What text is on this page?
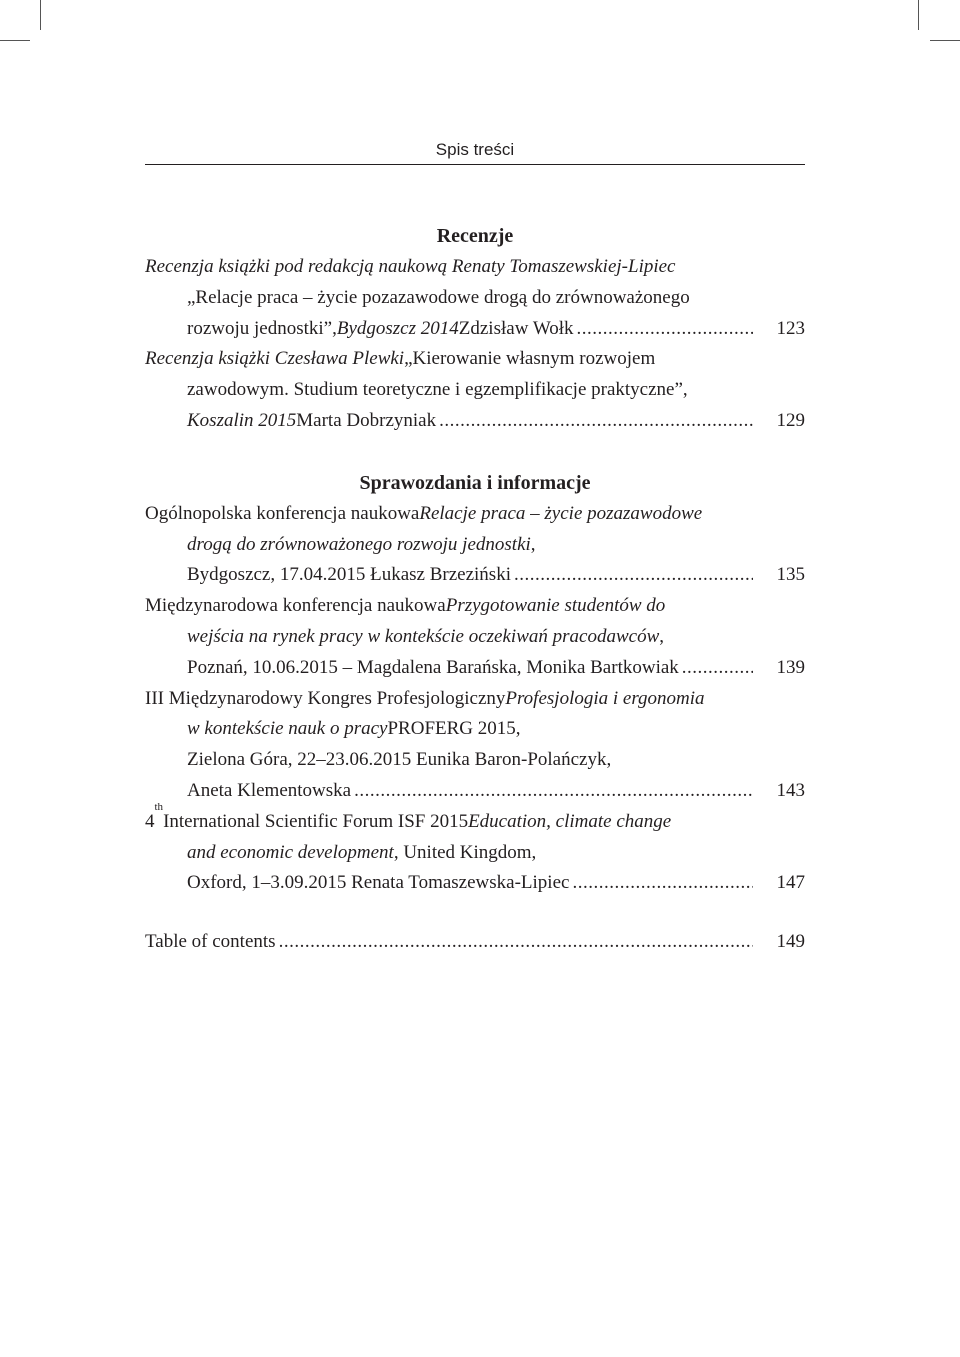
Spis treści
Recenzje
Recenzja książki pod redakcją naukową Renaty Tomaszewskiej-Lipiec
„Relacje praca – życie pozazawodowe drogą do zrównoważonego
rozwoju jednostki”, Bydgoszcz 2014 Zdzisław Wołk .....	123
Recenzja książki Czesława Plewki „Kierowanie własnym rozwojem
zawodowym. Studium teoretyczne i egzemplifikacje praktyczne”,
Koszalin 2015 Marta Dobrzyniak .....	129
Sprawozdania i informacje
Ogólnopolska konferencja naukowa Relacje praca – życie pozazawodowe
drogą do zrównoważonego rozwoju jednostki ,
Bydgoszcz, 17.04.2015 Łukasz Brzeziński .....	135
Międzynarodowa konferencja naukowa Przygotowanie studentów do
wejścia na rynek pracy w kontekście oczekiwań pracodawców ,
Poznań, 10.06.2015 – Magdalena Barańska, Monika Bartkowiak .....	139
III Międzynarodowy Kongres Profesjologiczny Profesjologia i ergonomia
w kontekście nauk o pracy PROFERG 2015,
Zielona Góra, 22–23.06.2015 Eunika Baron-Polańczyk,
Aneta Klementowska .....	143
4
th
International Scientific Forum ISF 2015 Education, climate change
and economic development , United Kingdom,
Oxford, 1–3.09.2015 Renata Tomaszewska-Lipiec .....	147
Table of contents .....	149
